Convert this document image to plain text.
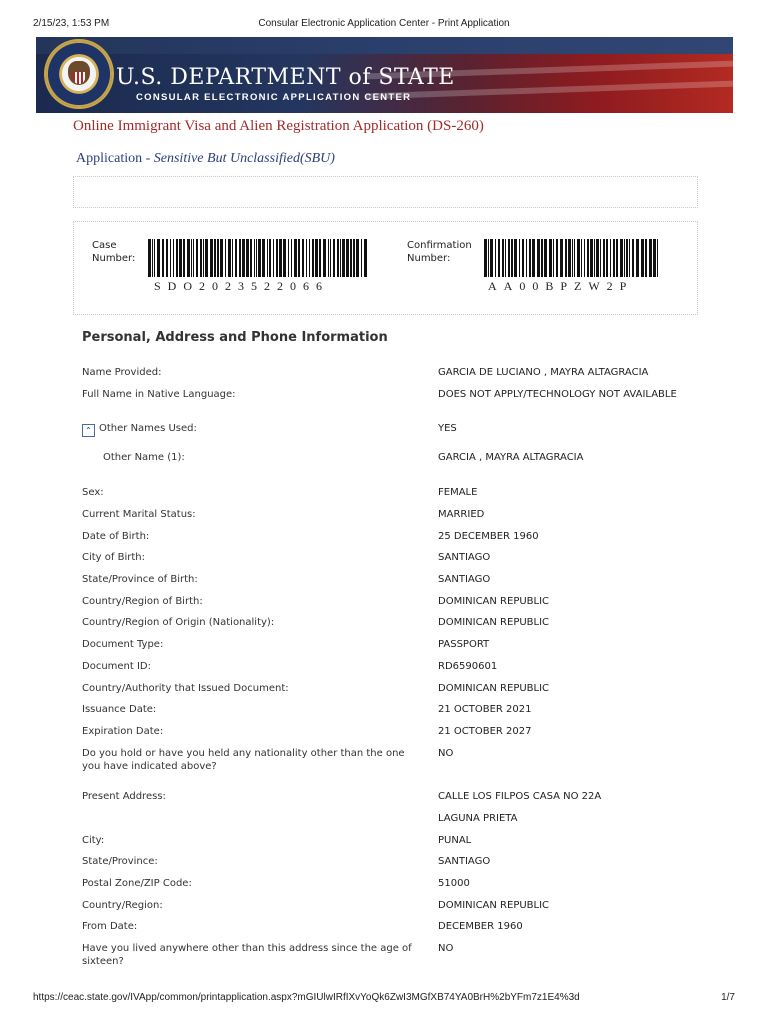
2/15/23, 1:53 PM	Consular Electronic Application Center - Print Application
U.S. DEPARTMENT of STATE
CONSULAR ELECTRONIC APPLICATION CENTER
Online Immigrant Visa and Alien Registration Application (DS-260)
Application - Sensitive But Unclassified(SBU)
Case
Number:
SDO2023522066
Confirmation
Number:
AA00BPZW2P
Personal, Address and Phone Information
Name Provided:	GARCIA DE LUCIANO , MAYRA ALTAGRACIA
Full Name in Native Language:	DOES NOT APPLY/TECHNOLOGY NOT AVAILABLE
⌃ Other Names Used:	YES
Other Name (1):	GARCIA , MAYRA ALTAGRACIA
Sex:	FEMALE
Current Marital Status:	MARRIED
Date of Birth:	25 DECEMBER 1960
City of Birth:	SANTIAGO
State/Province of Birth:	SANTIAGO
Country/Region of Birth:	DOMINICAN REPUBLIC
Country/Region of Origin (Nationality):	DOMINICAN REPUBLIC
Document Type:	PASSPORT
Document ID:	RD6590601
Country/Authority that Issued Document:	DOMINICAN REPUBLIC
Issuance Date:	21 OCTOBER 2021
Expiration Date:	21 OCTOBER 2027
Do you hold or have you held any nationality other than the one you have indicated above?
NO
Present Address:	CALLE LOS FILPOS CASA NO 22A
LAGUNA PRIETA
City:	PUNAL
State/Province:	SANTIAGO
Postal Zone/ZIP Code:	51000
Country/Region:	DOMINICAN REPUBLIC
From Date:	DECEMBER 1960
Have you lived anywhere other than this address since the age of sixteen?
NO
https://ceac.state.gov/IVApp/common/printapplication.aspx?mGIUlwIRfIXvYoQk6ZwI3MGfXB74YA0BrH%2bYFm7z1E4%3d	1/7
